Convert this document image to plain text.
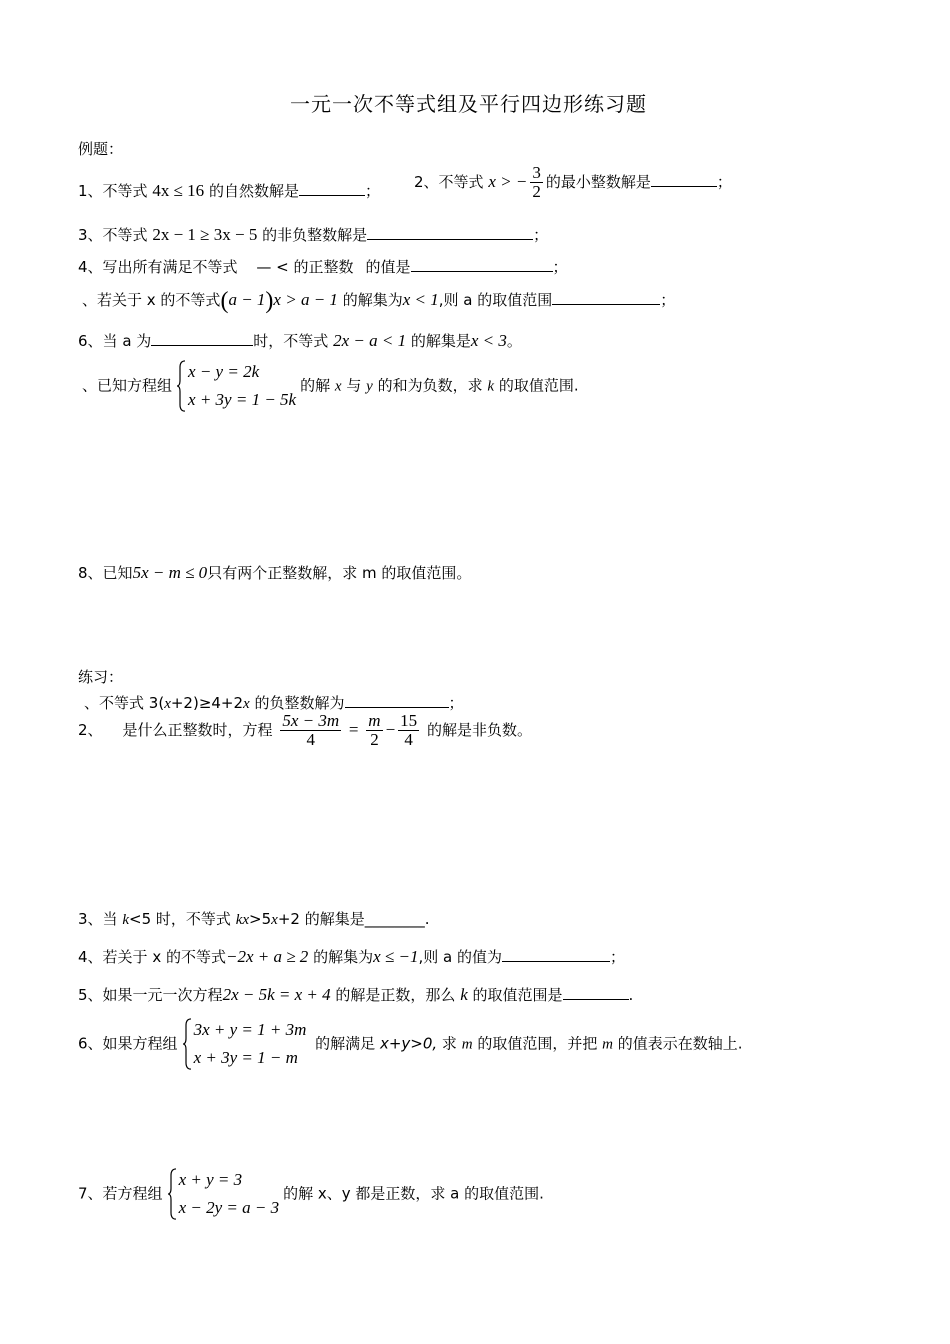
一元一次不等式组及平行四边形练习题
例题：
1、不等式 4x ≤ 16 的自然数解是	； 2、不等式 x > − $\frac{3}{2}$ 的最小整数解是	；
3、不等式 2x − 1 ≥ 3x − 5 的非负整数解是	；
4、写出所有满足不等式 — < 的正整数 的值是	；
、若关于 x 的不等式(a − 1)x > a − 1 的解集为x < 1,则 a 的取值范围	；
6、当 a 为	时，不等式 2x − a < 1 的解集是x < 3。
、已知方程组
x − y = 2k
x + 3y = 1 − 5k
的解 x 与 y 的和为负数，求 k 的取值范围.
8、已知5x − m ≤ 0只有两个正整数解，求 m 的取值范围。
练习：
、不等式 3(x+2)≥4+2x 的负整数解为	；
2、 是什么正整数时，方程 $\frac{5x - 3m}{4} = \frac{m}{2} - \frac{15}{4}$ 的解是非负数。
3、当 k<5 时，不等式 kx>5x+2 的解集是________.
4、若关于 x 的不等式−2x + a ≥ 2 的解集为x ≤ −1,则 a 的值为	；
5、如果一元一次方程2x − 5k = x + 4 的解是正数，那么 k 的取值范围是	.
6、如果方程组
3x + y = 1 + 3m
x + 3y = 1 − m
的解满足 x+y>0, 求 m 的取值范围，并把 m 的值表示在数轴上.
7、若方程组
x + y = 3
x − 2y = a − 3
的解 x、y 都是正数，求 a 的取值范围.
